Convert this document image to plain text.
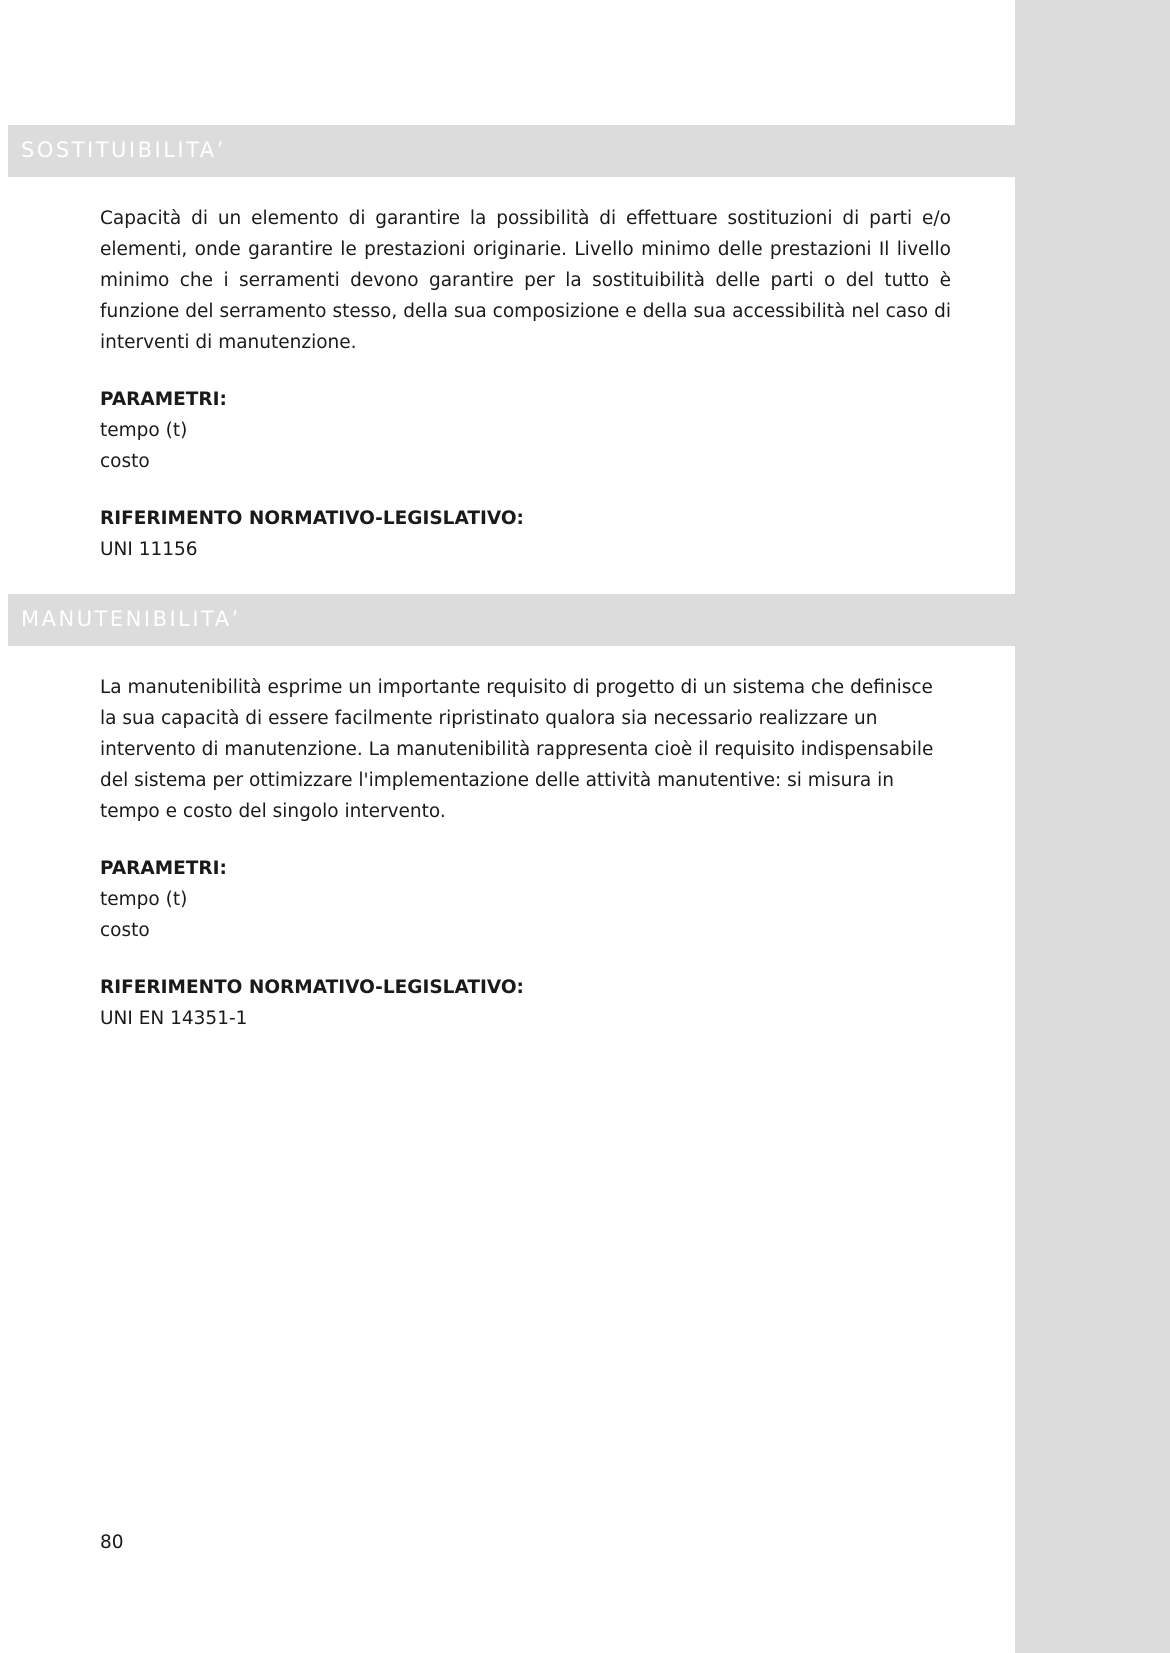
SOSTITUIBILITA’

Capacità di un elemento di garantire la possibilità di effettuare sostituzioni di parti e/o elementi, onde garantire le prestazioni originarie. Livello minimo delle prestazioni Il livello minimo che i serramenti devono garantire per la sostituibilità delle parti o del tutto è funzione del serramento stesso, della sua composizione e della sua accessibilità nel caso di interventi di manutenzione.

PARAMETRI:

tempo (t)

costo

RIFERIMENTO NORMATIVO-LEGISLATIVO:

UNI 11156

MANUTENIBILITA’

La manutenibilità esprime un importante requisito di progetto di un sistema che definisce la sua capacità di essere facilmente ripristinato qualora sia necessario realizzare un intervento di manutenzione. La manutenibilità rappresenta cioè il requisito indispensabile del sistema per ottimizzare l'implementazione delle attività manutentive: si misura in tempo e costo del singolo intervento.

PARAMETRI:

tempo (t)

costo

RIFERIMENTO NORMATIVO-LEGISLATIVO:

UNI EN 14351-1

80
